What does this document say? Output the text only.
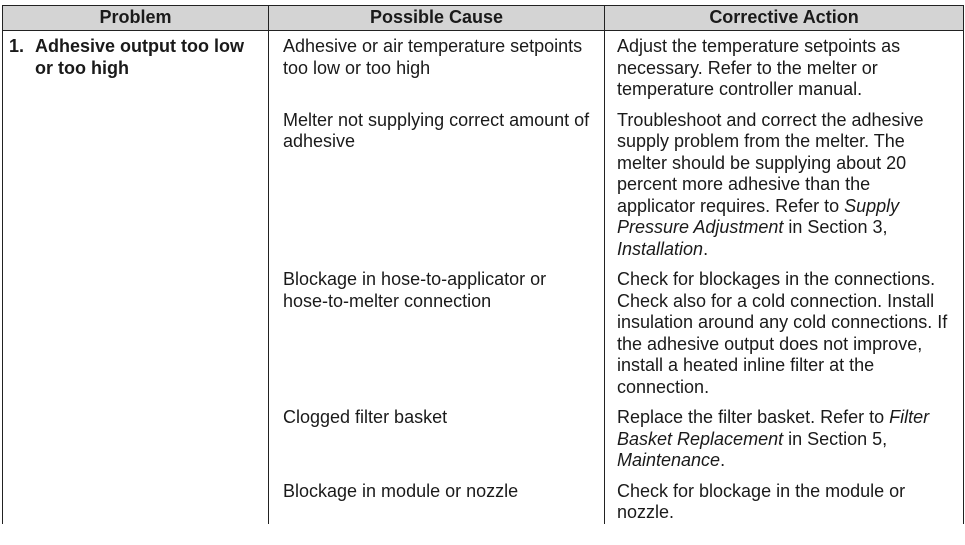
Problem	Possible Cause	Corrective Action

1. Adhesive output too low or too high	Adhesive or air temperature setpoints too low or too high	Adjust the temperature setpoints as necessary. Refer to the melter or temperature controller manual.
	Melter not supplying correct amount of adhesive	Troubleshoot and correct the adhesive supply problem from the melter. The melter should be supplying about 20 percent more adhesive than the applicator requires. Refer to Supply Pressure Adjustment in Section 3, Installation.
	Blockage in hose-to-applicator or hose-to-melter connection	Check for blockages in the connections. Check also for a cold connection. Install insulation around any cold connections. If the adhesive output does not improve, install a heated inline filter at the connection.
	Clogged filter basket	Replace the filter basket. Refer to Filter Basket Replacement in Section 5, Maintenance.
	Blockage in module or nozzle	Check for blockage in the module or nozzle.
